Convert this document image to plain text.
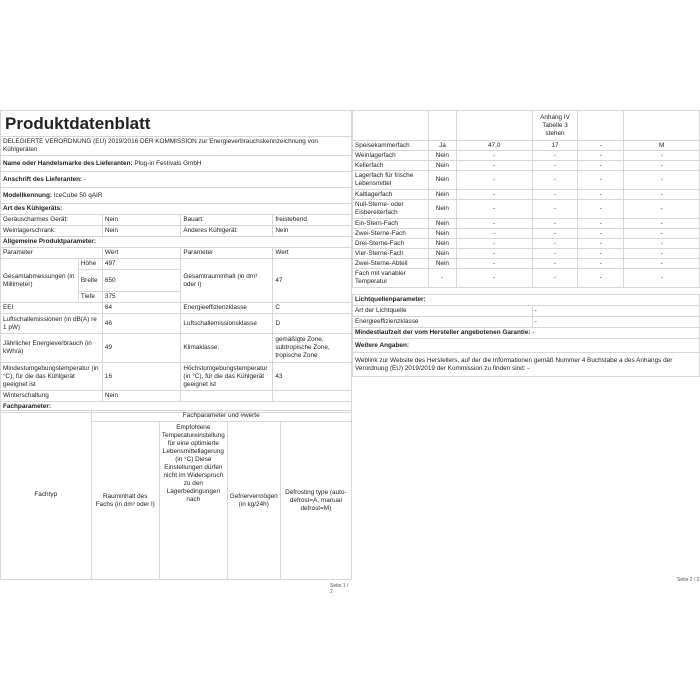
Produktdatenblatt				
DELEGIERTE VERORDNUNG (EU) 2019/2016 DER KOMMISSION zur Energieverbrauchskennzeichnung von Kühlgeräten				
Name oder Handelsmarke des Lieferanten: Plug-in Festivals GmbH				
Anschrift des Lieferanten: -				
Modellkennung: IceCube 50 qAIR				
Art des Kühlgeräts:				
Geräuscharmes Gerät:		Nein	Bauart:	freistehend
Weinlagerschrank:		Nein	Anderes Kühlgerät:	Nein
Allgemeine Produktparameter:				
Parameter		Wert	Parameter	Wert
Gesamtabmessungen (in Millimeter)	Höhe	497	Gesamtrauminhalt (in dm³ oder l)	47
	Breite	650		
	Tiefe	375		
EEI		64	Energieeffizienzklasse	C
Luftschallemissionen (in dB(A) re 1 pW)		46	Luftschallemissionsklasse	D
Jährlicher Energieverbrauch (in kWh/a)		49	Klimaklasse:	gemäßigte Zone, subtropische Zone, tropische Zone
Mindestumgebungstemperatur (in °C), für die das Kühlgerät geeignet ist		16	Höchstumgebungstemperatur (in °C), für die das Kühlgerät geeignet ist	43
Winterschaltung		Nein		
Fachparameter:				
Fachtyp	Fachparameter und #werte			
	Rauminhalt des Fachs (in dm³ oder l)	Empfohlene Temperatureinstellung für eine optimierte Lebensmittellagerung (in °C) Diese Einstellungen dürfen nicht im Widerspruch zu den Lagerbedingungen nach	Gefriervermögen (in kg/24h)	Defrosting type (auto-defrost=A, manual defrost=M)
Seite 1 / 2
			Anhang IV Tabelle 3 stehen		
Speisekammerfach	Ja	47,0	17	-	M
Weinlagerfach	Nein	-	-	-	-
Kellerfach	Nein	-	-	-	-
Lagerfach für frische Lebensmittel	Nein	-	-	-	-
Kaltlagerfach	Nein	-	-	-	-
Null-Sterne- oder Eisbereiterfach	Nein	-	-	-	-
Ein-Stern-Fach	Nein	-	-	-	-
Zwei-Sterne-Fach	Nein	-	-	-	-
Drei-Sterne-Fach	Nein	-	-	-	-
Vier-Sterne-Fach	Nein	-	-	-	-
Zwei-Sterne-Abteil	Nein	-	-	-	-
Fach mit variabler Temperatur	-	-	-	-	-
Lichtquellenparameter:	
Art der Lichtquelle	-
Energieeffizienzklasse	-
Mindestlaufzeit der vom Hersteller angebotenen Garantie: -	
Weitere Angaben:	
Weblink zur Website des Herstellers, auf der die Informationen gemäß Nummer 4 Buchstabe a des Anhangs der Verordnung (EU) 2019/2019 der Kommission zu finden sind: -	
Seite 2 / 2
